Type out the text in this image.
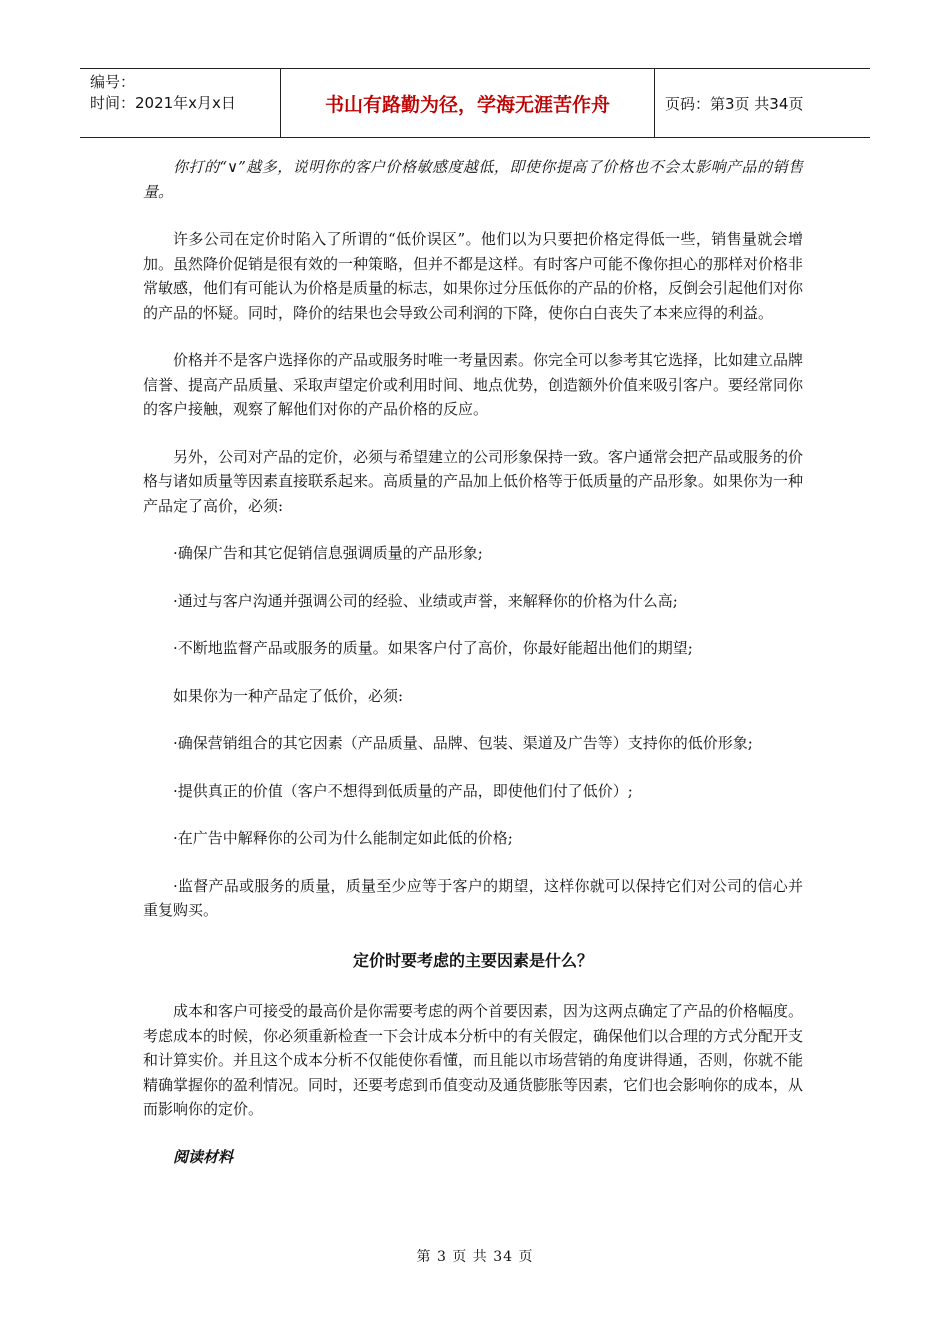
编号：
时间：2021年x月x日	书山有路勤为径，学海无涯苦作舟	页码：第3页 共34页

你打的“∨”越多，说明你的客户价格敏感度越低，即使你提高了价格也不会太影响产品的销售量。

许多公司在定价时陷入了所谓的“低价误区”。他们以为只要把价格定得低一些，销售量就会增加。虽然降价促销是很有效的一种策略，但并不都是这样。有时客户可能不像你担心的那样对价格非常敏感，他们有可能认为价格是质量的标志，如果你过分压低你的产品的价格，反倒会引起他们对你的产品的怀疑。同时，降价的结果也会导致公司利润的下降，使你白白丧失了本来应得的利益。

价格并不是客户选择你的产品或服务时唯一考量因素。你完全可以参考其它选择，比如建立品牌信誉、提高产品质量、采取声望定价或利用时间、地点优势，创造额外价值来吸引客户。要经常同你的客户接触，观察了解他们对你的产品价格的反应。

另外，公司对产品的定价，必须与希望建立的公司形象保持一致。客户通常会把产品或服务的价格与诸如质量等因素直接联系起来。高质量的产品加上低价格等于低质量的产品形象。如果你为一种产品定了高价，必须:

·确保广告和其它促销信息强调质量的产品形象;

·通过与客户沟通并强调公司的经验、业绩或声誉，来解释你的价格为什么高;

·不断地监督产品或服务的质量。如果客户付了高价，你最好能超出他们的期望;

如果你为一种产品定了低价，必须:

·确保营销组合的其它因素（产品质量、品牌、包装、渠道及广告等）支持你的低价形象;

·提供真正的价值（客户不想得到低质量的产品，即使他们付了低价）;

·在广告中解释你的公司为什么能制定如此低的价格;

·监督产品或服务的质量，质量至少应等于客户的期望，这样你就可以保持它们对公司的信心并重复购买。

定价时要考虑的主要因素是什么？

成本和客户可接受的最高价是你需要考虑的两个首要因素，因为这两点确定了产品的价格幅度。考虑成本的时候，你必须重新检查一下会计成本分析中的有关假定，确保他们以合理的方式分配开支和计算实价。并且这个成本分析不仅能使你看懂，而且能以市场营销的角度讲得通，否则，你就不能精确掌握你的盈利情况。同时，还要考虑到币值变动及通货膨胀等因素，它们也会影响你的成本，从而影响你的定价。

阅读材料

第 3 页 共 34 页
